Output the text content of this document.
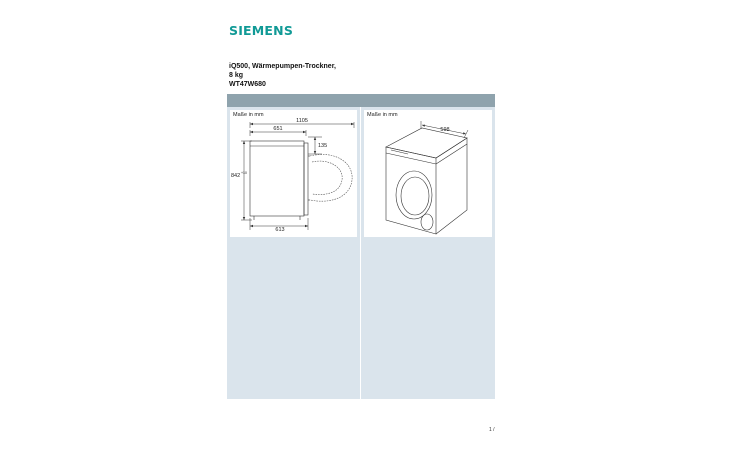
SIEMENS
iQ500, Wärmepumpen-Trockner,
8 kg
WT47W680
Maße in mm
1105
651
135
842 +10
613
Maße in mm
598
1 /
